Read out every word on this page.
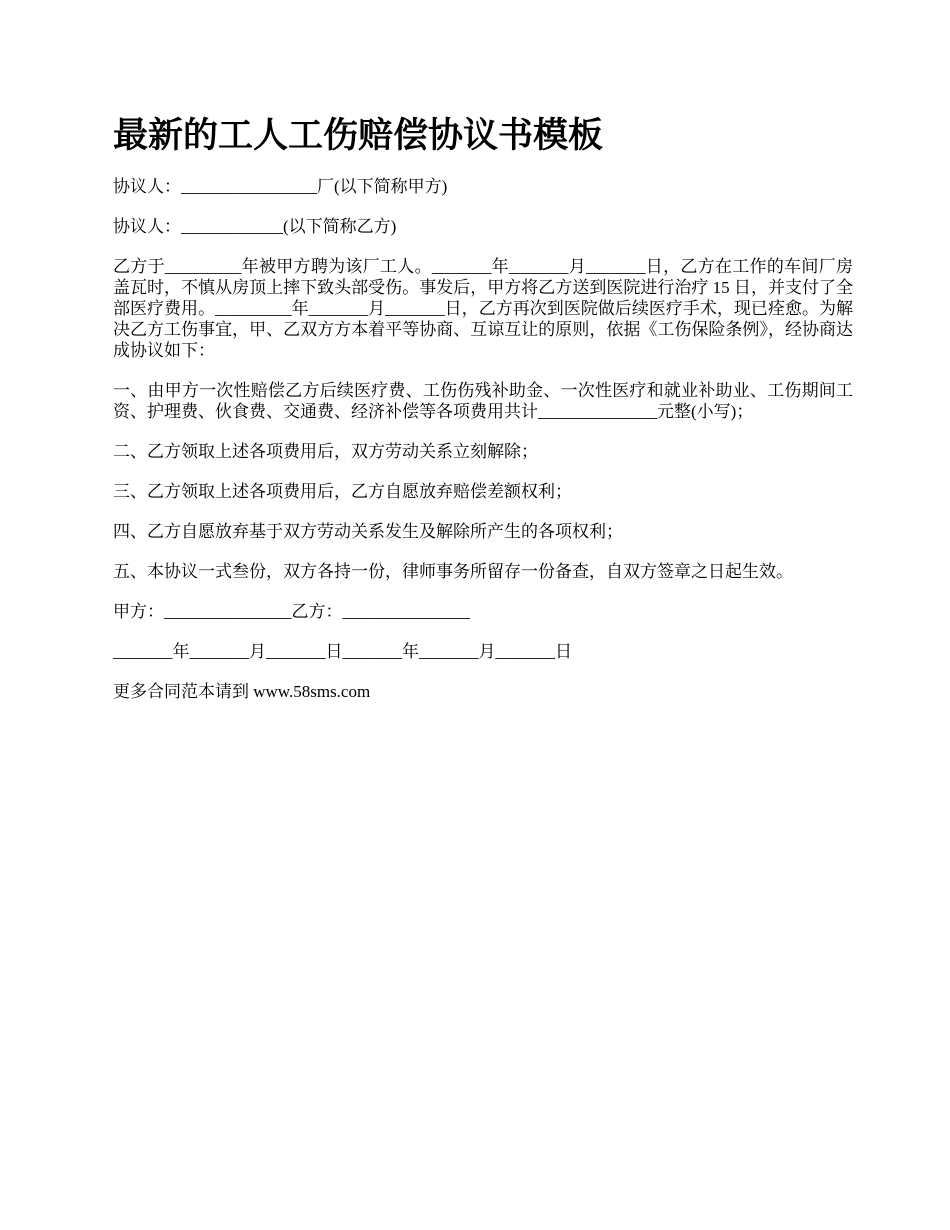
最新的工人工伤赔偿协议书模板

协议人：________________厂(以下简称甲方)

协议人：____________(以下简称乙方)

乙方于_________年被甲方聘为该厂工人。_______年_______月_______日，乙方在工作的车间厂房盖瓦时，不慎从房顶上摔下致头部受伤。事发后，甲方将乙方送到医院进行治疗 15 日，并支付了全部医疗费用。_________年_______月_______日，乙方再次到医院做后续医疗手术，现已痊愈。为解决乙方工伤事宜，甲、乙双方方本着平等协商、互谅互让的原则，依据《工伤保险条例》，经协商达成协议如下：

一、由甲方一次性赔偿乙方后续医疗费、工伤伤残补助金、一次性医疗和就业补助业、工伤期间工资、护理费、伙食费、交通费、经济补偿等各项费用共计______________元整(小写)；

二、乙方领取上述各项费用后，双方劳动关系立刻解除；

三、乙方领取上述各项费用后，乙方自愿放弃赔偿差额权利；

四、乙方自愿放弃基于双方劳动关系发生及解除所产生的各项权利；

五、本协议一式叁份，双方各持一份，律师事务所留存一份备查，自双方签章之日起生效。

甲方：_______________乙方：_______________

_______年_______月_______日_______年_______月_______日

更多合同范本请到 www.58sms.com
